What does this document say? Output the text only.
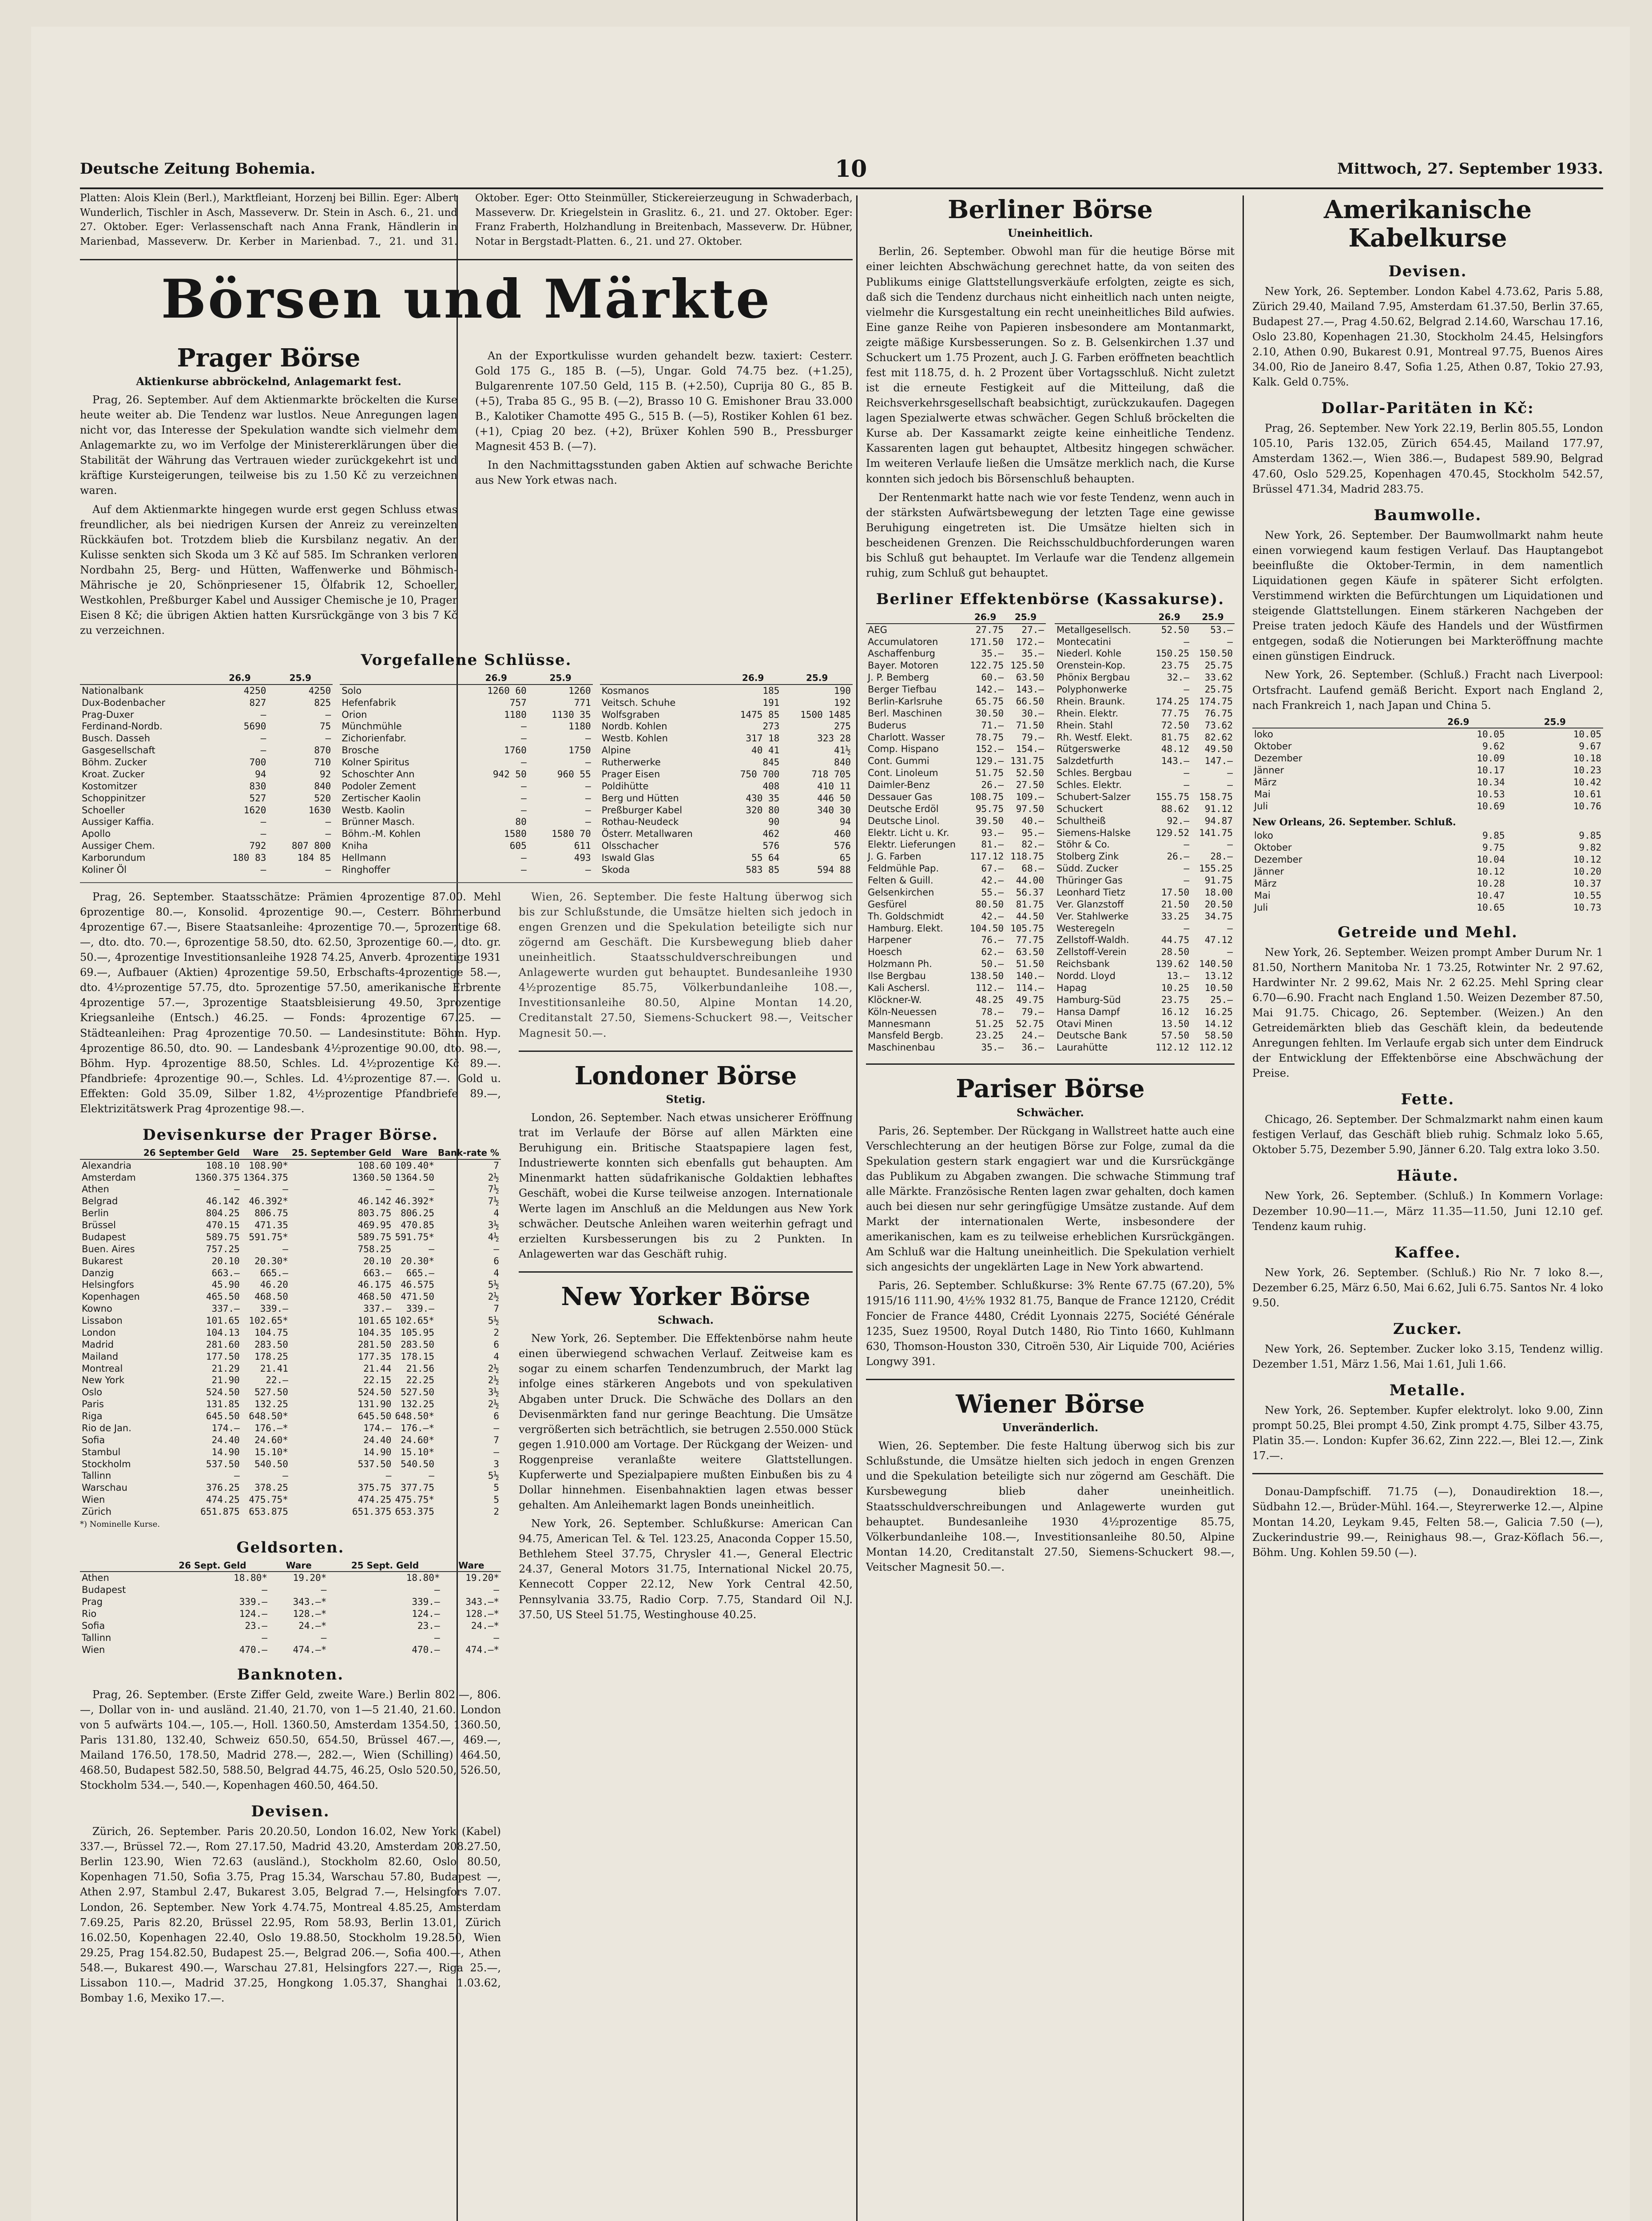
Deutsche Zeitung Bohemia.	10	Mittwoch, 27. September 1933.

Platten: Alois Klein (Berl.), Marktfleiant, Horzenj bei Billin. Eger: Albert Wunderlich, Tischler in Asch, Masseverw. Dr. Stein in Asch. 6., 21. und 27. Oktober. Eger: Verlassenschaft nach Anna Frank, Händlerin in Marienbad, Masseverw. Dr. Kerber in Marienbad. 7., 21. und 31. Oktober. Eger: Otto Steinmüller, Stickereierzeugung in Schwaderbach, Masseverw. Dr. Kriegelstein in Graslitz. 6., 21. und 27. Oktober. Eger: Franz Fraberth, Holzhandlung in Breitenbach, Masseverw. Dr. Hübner, Notar in Bergstadt-Platten. 6., 21. und 27. Oktober.

Börsen und Märkte
Prager Börse
Aktienkurse abbröckelnd, Anlagemarkt fest.

Prag, 26. September. Auf dem Aktienmarkte bröckelten die Kurse heute weiter ab. Die Tendenz war lustlos. Neue Anregungen lagen nicht vor, das Interesse der Spekulation wandte sich vielmehr dem Anlagemarkte zu, wo im Verfolge der Ministererklärungen über die Stabilität der Währung das Vertrauen wieder zurückgekehrt ist und kräftige Kursteigerungen, teilweise bis zu 1.50 Kč zu verzeichnen waren.

Auf dem Aktienmarkte hingegen wurde erst gegen Schluss etwas freundlicher, als bei niedrigen Kursen der Anreiz zu vereinzelten Rückkäufen bot. Trotzdem blieb die Kursbilanz negativ. An der Kulisse senkten sich Skoda um 3 Kč auf 585. Im Schranken verloren Nordbahn 25, Berg- und Hütten, Waffenwerke und Böhmisch-Mährische je 20, Schönpriesener 15, Ölfabrik 12, Schoeller, Westkohlen, Preßburger Kabel und Aussiger Chemische je 10, Prager Eisen 8 Kč; die übrigen Aktien hatten Kursrückgänge von 3 bis 7 Kč zu verzeichnen.

An der Exportkulisse wurden gehandelt bezw. taxiert: Cesterr. Gold 175 G., 185 B. (—5), Ungar. Gold 74.75 bez. (+1.25), Bulgarenrente 107.50 Geld, 115 B. (+2.50), Cuprija 80 G., 85 B. (+5), Traba 85 G., 95 B. (—2), Brasso 10 G. Emishoner Brau 33.000 B., Kalotiker Chamotte 495 G., 515 B. (—5), Rostiker Kohlen 61 bez. (+1), Cpiag 20 bez. (+2), Brüxer Kohlen 590 B., Pressburger Magnesit 453 B. (—7).

In den Nachmittagsstunden gaben Aktien auf schwache Berichte aus New York etwas nach.

Vorgefallene Schlüsse.
	26.9	25.9
Nationalbank	4250	4250
Dux-Bodenbacher	827	825
Prag-Duxer	—	—
Ferdinand-Nordb.	5690	75
Busch. Dasseh	—	—
Gasgesellschaft	—	870
Böhm. Zucker	700	710
Kroat. Zucker	94	92
Kostomitzer	830	840
Schoppinitzer	527	520
Schoeller	1620	1630
Aussiger Kaffia.	—	—
Apollo	—	—
Aussiger Chem.	792	807 800
Karborundum	180 83	184 85
Koliner Öl	—	—
	26.9	25.9
Solo	1260 60	1260
Hefenfabrik	757	771
Orion	1180	1130 35
Münchmühle	—	1180
Zichorienfabr.	—	—
Brosche	1760	1750
Kolner Spiritus	—	—
Schoschter Ann	942 50	960 55
Podoler Zement	—	—
Zertischer Kaolin	—	—
Westb. Kaolin	—	—
Brünner Masch.	80	—
Böhm.-M. Kohlen	1580	1580 70
Kniha	605	611
Hellmann	—	493
Ringhoffer	—	—
	26.9	25.9
Kosmanos	185	190
Veitsch. Schuhe	191	192
Wolfsgraben	1475 85	1500 1485
Nordb. Kohlen	273	275
Westb. Kohlen	317 18	323 28
Alpine	40 41	41½
Rutherwerke	845	840
Prager Eisen	750 700	718 705
Poldihütte	408	410 11
Berg und Hütten	430 35	446 50
Preßburger Kabel	320 80	340 30
Rothau-Neudeck	90	94
Österr. Metallwaren	462	460
Olsschacher	576	576
Iswald Glas	55 64	65
Skoda	583 85	594 88

Prag, 26. September. Staatsschätze: Prämien 4prozentige 87.00. Mehl 6prozentige 80.—, Konsolid. 4prozentige 90.—, Cesterr. Böhmerbund 4prozentige 67.—, Bisere Staatsanleihe: 4prozentige 70.—, 5prozentige 68.—, dto. dto. 70.—, 6prozentige 58.50, dto. 62.50, 3prozentige 60.—, dto. gr. 50.—, 4prozentige Investitionsanleihe 1928 74.25, Anverb. 4prozentige 1931 69.—, Aufbauer (Aktien) 4prozentige 59.50, Erbschafts-4prozentige 58.—, dto. 4½prozentige 57.75, dto. 5prozentige 57.50, amerikanische Erbrente 4prozentige 57.—, 3prozentige Staatsbleisierung 49.50, 3prozentige Kriegsanleihe (Entsch.) 46.25. — Fonds: 4prozentige 67.25. — Städteanleihen: Prag 4prozentige 70.50. — Landesinstitute: Böhm. Hyp. 4prozentige 86.50, dto. 90. — Landesbank 4½prozentige 90.00, dto. 98.—, Böhm. Hyp. 4prozentige 88.50, Schles. Ld. 4½prozentige Kč 89.—. Pfandbriefe: 4prozentige 90.—, Schles. Ld. 4½prozentige 87.—. Gold u. Effekten: Gold 35.09, Silber 1.82, 4½prozentige Pfandbriefe 89.—, Elektrizitätswerk Prag 4prozentige 98.—.

Devisenkurse der Prager Börse.
	26 September Geld	Ware	25. September Geld	Ware	Bank-rate %
Alexandria	108.10	108.90*	108.60	109.40*	7
Amsterdam	1360.375	1364.375	1360.50	1364.50	2½
Athen	—	—	—	—	7½
Belgrad	46.142	46.392*	46.142	46.392*	7½
Berlin	804.25	806.75	803.75	806.25	4
Brüssel	470.15	471.35	469.95	470.85	3½
Budapest	589.75	591.75*	589.75	591.75*	4½
Buen. Aires	757.25	—	758.25	—	—
Bukarest	20.10	20.30*	20.10	20.30*	6
Danzig	663.—	665.—	663.—	665.—	4
Helsingfors	45.90	46.20	46.175	46.575	5½
Kopenhagen	465.50	468.50	468.50	471.50	2½
Kowno	337.—	339.—	337.—	339.—	7
Lissabon	101.65	102.65*	101.65	102.65*	5½
London	104.13	104.75	104.35	105.95	2
Madrid	281.60	283.50	281.50	283.50	6
Mailand	177.50	178.25	177.35	178.15	4
Montreal	21.29	21.41	21.44	21.56	2½
New York	21.90	22.—	22.15	22.25	2½
Oslo	524.50	527.50	524.50	527.50	3½
Paris	131.85	132.25	131.90	132.25	2½
Riga	645.50	648.50*	645.50	648.50*	6
Rio de Jan.	174.—	176.—*	174.—	176.—*	—
Sofia	24.40	24.60*	24.40	24.60*	7
Stambul	14.90	15.10*	14.90	15.10*	—
Stockholm	537.50	540.50	537.50	540.50	3
Tallinn	—	—	—	—	5½
Warschau	376.25	378.25	375.75	377.75	5
Wien	474.25	475.75*	474.25	475.75*	5
Zürich	651.875	653.875	651.375	653.375	2
*) Nominelle Kurse.
Geldsorten.
	26 Sept. Geld	Ware	25 Sept. Geld	Ware
Athen	18.80*	19.20*	18.80*	19.20*
Budapest	—	—	—	—
Prag	339.—	343.—*	339.—	343.—*
Rio	124.—	128.—*	124.—	128.—*
Sofia	23.—	24.—*	23.—	24.—*
Tallinn	—	—	—	—
Wien	470.—	474.—*	470.—	474.—*
Banknoten.

Prag, 26. September. (Erste Ziffer Geld, zweite Ware.) Berlin 802.—, 806.—, Dollar von in- und ausländ. 21.40, 21.70, von 1—5 21.40, 21.60. London von 5 aufwärts 104.—, 105.—, Holl. 1360.50, Amsterdam 1354.50, 1360.50, Paris 131.80, 132.40, Schweiz 650.50, 654.50, Brüssel 467.—, 469.—, Mailand 176.50, 178.50, Madrid 278.—, 282.—, Wien (Schilling) 464.50, 468.50, Budapest 582.50, 588.50, Belgrad 44.75, 46.25, Oslo 520.50, 526.50, Stockholm 534.—, 540.—, Kopenhagen 460.50, 464.50.

Devisen.

Zürich, 26. September. Paris 20.20.50, London 16.02, New York (Kabel) 337.—, Brüssel 72.—, Rom 27.17.50, Madrid 43.20, Amsterdam 208.27.50, Berlin 123.90, Wien 72.63 (ausländ.), Stockholm 82.60, Oslo 80.50, Kopenhagen 71.50, Sofia 3.75, Prag 15.34, Warschau 57.80, Budapest —, Athen 2.97, Stambul 2.47, Bukarest 3.05, Belgrad 7.—, Helsingfors 7.07. London, 26. September. New York 4.74.75, Montreal 4.85.25, Amsterdam 7.69.25, Paris 82.20, Brüssel 22.95, Rom 58.93, Berlin 13.01, Zürich 16.02.50, Kopenhagen 22.40, Oslo 19.88.50, Stockholm 19.28.50, Wien 29.25, Prag 154.82.50, Budapest 25.—, Belgrad 206.—, Sofia 400.—, Athen 548.—, Bukarest 490.—, Warschau 27.81, Helsingfors 227.—, Riga 25.—, Lissabon 110.—, Madrid 37.25, Hongkong 1.05.37, Shanghai 1.03.62, Bombay 1.6, Mexiko 17.—.

Wien, 26. September. Die feste Haltung überwog sich bis zur Schlußstunde, die Umsätze hielten sich jedoch in engen Grenzen und die Spekulation beteiligte sich nur zögernd am Geschäft. Die Kursbewegung blieb daher uneinheitlich. Staatsschuldverschreibungen und Anlagewerte wurden gut behauptet. Bundesanleihe 1930 4½prozentige 85.75, Völkerbundanleihe 108.—, Investitionsanleihe 80.50, Alpine Montan 14.20, Creditanstalt 27.50, Siemens-Schuckert 98.—, Veitscher Magnesit 50.—.

Londoner Börse
Stetig.

London, 26. September. Nach etwas unsicherer Eröffnung trat im Verlaufe der Börse auf allen Märkten eine Beruhigung ein. Britische Staatspapiere lagen fest, Industriewerte konnten sich ebenfalls gut behaupten. Am Minenmarkt hatten südafrikanische Goldaktien lebhaftes Geschäft, wobei die Kurse teilweise anzogen. Internationale Werte lagen im Anschluß an die Meldungen aus New York schwächer. Deutsche Anleihen waren weiterhin gefragt und erzielten Kursbesserungen bis zu 2 Punkten. In Anlagewerten war das Geschäft ruhig.

New Yorker Börse
Schwach.

New York, 26. September. Die Effektenbörse nahm heute einen überwiegend schwachen Verlauf. Zeitweise kam es sogar zu einem scharfen Tendenzumbruch, der Markt lag infolge eines stärkeren Angebots und von spekulativen Abgaben unter Druck. Die Schwäche des Dollars an den Devisenmärkten fand nur geringe Beachtung. Die Umsätze vergrößerten sich beträchtlich, sie betrugen 2.550.000 Stück gegen 1.910.000 am Vortage. Der Rückgang der Weizen- und Roggenpreise veranlaßte weitere Glattstellungen. Kupferwerte und Spezialpapiere mußten Einbußen bis zu 4 Dollar hinnehmen. Eisenbahnaktien lagen etwas besser gehalten. Am Anleihemarkt lagen Bonds uneinheitlich.

New York, 26. September. Schlußkurse: American Can 94.75, American Tel. & Tel. 123.25, Anaconda Copper 15.50, Bethlehem Steel 37.75, Chrysler 41.—, General Electric 24.37, General Motors 31.75, International Nickel 20.75, Kennecott Copper 22.12, New York Central 42.50, Pennsylvania 33.75, Radio Corp. 7.75, Standard Oil N.J. 37.50, US Steel 51.75, Westinghouse 40.25.

Berliner Börse
Uneinheitlich.

Berlin, 26. September. Obwohl man für die heutige Börse mit einer leichten Abschwächung gerechnet hatte, da von seiten des Publikums einige Glattstellungsverkäufe erfolgten, zeigte es sich, daß sich die Tendenz durchaus nicht einheitlich nach unten neigte, vielmehr die Kursgestaltung ein recht uneinheitliches Bild aufwies. Eine ganze Reihe von Papieren insbesondere am Montanmarkt, zeigte mäßige Kursbesserungen. So z. B. Gelsenkirchen 1.37 und Schuckert um 1.75 Prozent, auch J. G. Farben eröffneten beachtlich fest mit 118.75, d. h. 2 Prozent über Vortagsschluß. Nicht zuletzt ist die erneute Festigkeit auf die Mitteilung, daß die Reichsverkehrsgesellschaft beabsichtigt, zurückzukaufen. Dagegen lagen Spezialwerte etwas schwächer. Gegen Schluß bröckelten die Kurse ab. Der Kassamarkt zeigte keine einheitliche Tendenz. Kassarenten lagen gut behauptet, Altbesitz hingegen schwächer. Im weiteren Verlaufe ließen die Umsätze merklich nach, die Kurse konnten sich jedoch bis Börsenschluß behaupten.

Der Rentenmarkt hatte nach wie vor feste Tendenz, wenn auch in der stärksten Aufwärtsbewegung der letzten Tage eine gewisse Beruhigung eingetreten ist. Die Umsätze hielten sich in bescheidenen Grenzen. Die Reichsschuldbuchforderungen waren bis Schluß gut behauptet. Im Verlaufe war die Tendenz allgemein ruhig, zum Schluß gut behauptet.

Berliner Effektenbörse (Kassakurse).
	26.9	25.9
AEG	27.75	27.—
Accumulatoren	171.50	172.—
Aschaffenburg	35.—	35.—
Bayer. Motoren	122.75	125.50
J. P. Bemberg	60.—	63.50
Berger Tiefbau	142.—	143.—
Berlin-Karlsruhe	65.75	66.50
Berl. Maschinen	30.50	30.—
Buderus	71.—	71.50
Charlott. Wasser	78.75	79.—
Comp. Hispano	152.—	154.—
Cont. Gummi	129.—	131.75
Cont. Linoleum	51.75	52.50
Daimler-Benz	26.—	27.50
Dessauer Gas	108.75	109.—
Deutsche Erdöl	95.75	97.50
Deutsche Linol.	39.50	40.—
Elektr. Licht u. Kr.	93.—	95.—
Elektr. Lieferungen	81.—	82.—
J. G. Farben	117.12	118.75
Feldmühle Pap.	67.—	68.—
Felten & Guill.	42.—	44.00
Gelsenkirchen	55.—	56.37
Gesfürel	80.50	81.75
Th. Goldschmidt	42.—	44.50
Hamburg. Elekt.	104.50	105.75
Harpener	76.—	77.75
Hoesch	62.—	63.50
Holzmann Ph.	50.—	51.50
Ilse Bergbau	138.50	140.—
Kali Aschersl.	112.—	114.—
Klöckner-W.	48.25	49.75
Köln-Neuessen	78.—	79.—
Mannesmann	51.25	52.75
Mansfeld Bergb.	23.25	24.—
Maschinenbau	35.—	36.—
	26.9	25.9
Metallgesellsch.	52.50	53.—
Montecatini	—	—
Niederl. Kohle	150.25	150.50
Orenstein-Kop.	23.75	25.75
Phönix Bergbau	32.—	33.62
Polyphonwerke	—	25.75
Rhein. Braunk.	174.25	174.75
Rhein. Elektr.	77.75	76.75
Rhein. Stahl	72.50	73.62
Rh. Westf. Elekt.	81.75	82.62
Rütgerswerke	48.12	49.50
Salzdetfurth	143.—	147.—
Schles. Bergbau	—	—
Schles. Elektr.	—	—
Schubert-Salzer	155.75	158.75
Schuckert	88.62	91.12
Schultheiß	92.—	94.87
Siemens-Halske	129.52	141.75
Stöhr & Co.	—	—
Stolberg Zink	26.—	28.—
Südd. Zucker	—	155.25
Thüringer Gas	—	91.75
Leonhard Tietz	17.50	18.00
Ver. Glanzstoff	21.50	20.50
Ver. Stahlwerke	33.25	34.75
Westeregeln	—	—
Zellstoff-Waldh.	44.75	47.12
Zellstoff-Verein	28.50	—
Reichsbank	139.62	140.50
Nordd. Lloyd	13.—	13.12
Hapag	10.25	10.50
Hamburg-Süd	23.75	25.—
Hansa Dampf	16.12	16.25
Otavi Minen	13.50	14.12
Deutsche Bank	57.50	58.50
Laurahütte	112.12	112.12
Pariser Börse
Schwächer.

Paris, 26. September. Der Rückgang in Wallstreet hatte auch eine Verschlechterung an der heutigen Börse zur Folge, zumal da die Spekulation gestern stark engagiert war und die Kursrückgänge das Publikum zu Abgaben zwangen. Die schwache Stimmung traf alle Märkte. Französische Renten lagen zwar gehalten, doch kamen auch bei diesen nur sehr geringfügige Umsätze zustande. Auf dem Markt der internationalen Werte, insbesondere der amerikanischen, kam es zu teilweise erheblichen Kursrückgängen. Am Schluß war die Haltung uneinheitlich. Die Spekulation verhielt sich angesichts der ungeklärten Lage in New York abwartend.

Paris, 26. September. Schlußkurse: 3% Rente 67.75 (67.20), 5% 1915/16 111.90, 4½% 1932 81.75, Banque de France 12120, Crédit Foncier de France 4480, Crédit Lyonnais 2275, Société Générale 1235, Suez 19500, Royal Dutch 1480, Rio Tinto 1660, Kuhlmann 630, Thomson-Houston 330, Citroën 530, Air Liquide 700, Aciéries Longwy 391.

Wiener Börse
Unveränderlich.

Wien, 26. September. Die feste Haltung überwog sich bis zur Schlußstunde, die Umsätze hielten sich jedoch in engen Grenzen und die Spekulation beteiligte sich nur zögernd am Geschäft. Die Kursbewegung blieb daher uneinheitlich. Staatsschuldverschreibungen und Anlagewerte wurden gut behauptet. Bundesanleihe 1930 4½prozentige 85.75, Völkerbundanleihe 108.—, Investitionsanleihe 80.50, Alpine Montan 14.20, Creditanstalt 27.50, Siemens-Schuckert 98.—, Veitscher Magnesit 50.—.

Amerikanische Kabelkurse
Devisen.

New York, 26. September. London Kabel 4.73.62, Paris 5.88, Zürich 29.40, Mailand 7.95, Amsterdam 61.37.50, Berlin 37.65, Budapest 27.—, Prag 4.50.62, Belgrad 2.14.60, Warschau 17.16, Oslo 23.80, Kopenhagen 21.30, Stockholm 24.45, Helsingfors 2.10, Athen 0.90, Bukarest 0.91, Montreal 97.75, Buenos Aires 34.00, Rio de Janeiro 8.47, Sofia 1.25, Athen 0.87, Tokio 27.93, Kalk. Geld 0.75%.

Dollar-Paritäten in Kč:

Prag, 26. September. New York 22.19, Berlin 805.55, London 105.10, Paris 132.05, Zürich 654.45, Mailand 177.97, Amsterdam 1362.—, Wien 386.—, Budapest 589.90, Belgrad 47.60, Oslo 529.25, Kopenhagen 470.45, Stockholm 542.57, Brüssel 471.34, Madrid 283.75.

Baumwolle.

New York, 26. September. Der Baumwollmarkt nahm heute einen vorwiegend kaum festigen Verlauf. Das Hauptangebot beeinflußte die Oktober-Termin, in dem namentlich Liquidationen gegen Käufe in späterer Sicht erfolgten. Verstimmend wirkten die Befürchtungen um Liquidationen und steigende Glattstellungen. Einem stärkeren Nachgeben der Preise traten jedoch Käufe des Handels und der Wüstfirmen entgegen, sodaß die Notierungen bei Markteröffnung machte einen günstigen Eindruck.

New York, 26. September. (Schluß.) Fracht nach Liverpool: Ortsfracht. Laufend gemäß Bericht. Export nach England 2, nach Frankreich 1, nach Japan und China 5.

	26.9	25.9
loko	10.05	10.05
Oktober	9.62	9.67
Dezember	10.09	10.18
Jänner	10.17	10.23
März	10.34	10.42
Mai	10.53	10.61
Juli	10.69	10.76
New Orleans, 26. September. Schluß.
loko	9.85	9.85
Oktober	9.75	9.82
Dezember	10.04	10.12
Jänner	10.12	10.20
März	10.28	10.37
Mai	10.47	10.55
Juli	10.65	10.73
Getreide und Mehl.

New York, 26. September. Weizen prompt Amber Durum Nr. 1 81.50, Northern Manitoba Nr. 1 73.25, Rotwinter Nr. 2 97.62, Hardwinter Nr. 2 99.62, Mais Nr. 2 62.25. Mehl Spring clear 6.70—6.90. Fracht nach England 1.50. Weizen Dezember 87.50, Mai 91.75. Chicago, 26. September. (Weizen.) An den Getreidemärkten blieb das Geschäft klein, da bedeutende Anregungen fehlten. Im Verlaufe ergab sich unter dem Eindruck der Entwicklung der Effektenbörse eine Abschwächung der Preise.

Fette.

Chicago, 26. September. Der Schmalzmarkt nahm einen kaum festigen Verlauf, das Geschäft blieb ruhig. Schmalz loko 5.65, Oktober 5.75, Dezember 5.90, Jänner 6.20. Talg extra loko 3.50.

Häute.

New York, 26. September. (Schluß.) In Kommern Vorlage: Dezember 10.90—11.—, März 11.35—11.50, Juni 12.10 gef. Tendenz kaum ruhig.

Kaffee.

New York, 26. September. (Schluß.) Rio Nr. 7 loko 8.—, Dezember 6.25, März 6.50, Mai 6.62, Juli 6.75. Santos Nr. 4 loko 9.50.

Zucker.

New York, 26. September. Zucker loko 3.15, Tendenz willig. Dezember 1.51, März 1.56, Mai 1.61, Juli 1.66.

Metalle.

New York, 26. September. Kupfer elektrolyt. loko 9.00, Zinn prompt 50.25, Blei prompt 4.50, Zink prompt 4.75, Silber 43.75, Platin 35.—. London: Kupfer 36.62, Zinn 222.—, Blei 12.—, Zink 17.—.

Donau-Dampfschiff. 71.75 (—), Donaudirektion 18.—, Südbahn 12.—, Brüder-Mühl. 164.—, Steyrerwerke 12.—, Alpine Montan 14.20, Leykam 9.45, Felten 58.—, Galicia 7.50 (—), Zuckerindustrie 99.—, Reinighaus 98.—, Graz-Köflach 56.—, Böhm. Ung. Kohlen 59.50 (—).
